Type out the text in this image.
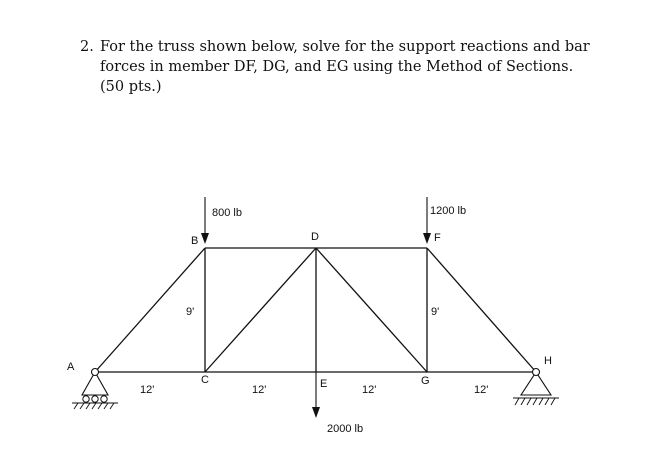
2. For the truss shown below, solve for the support reactions and bar forces in member DF, DG, and EG using the Method of Sections. (50 pts.)
800 lb	1200 lb
2000 lb
A
B
C
D
E
F
G
H
12'	12'	12'	12'
9'	9'
